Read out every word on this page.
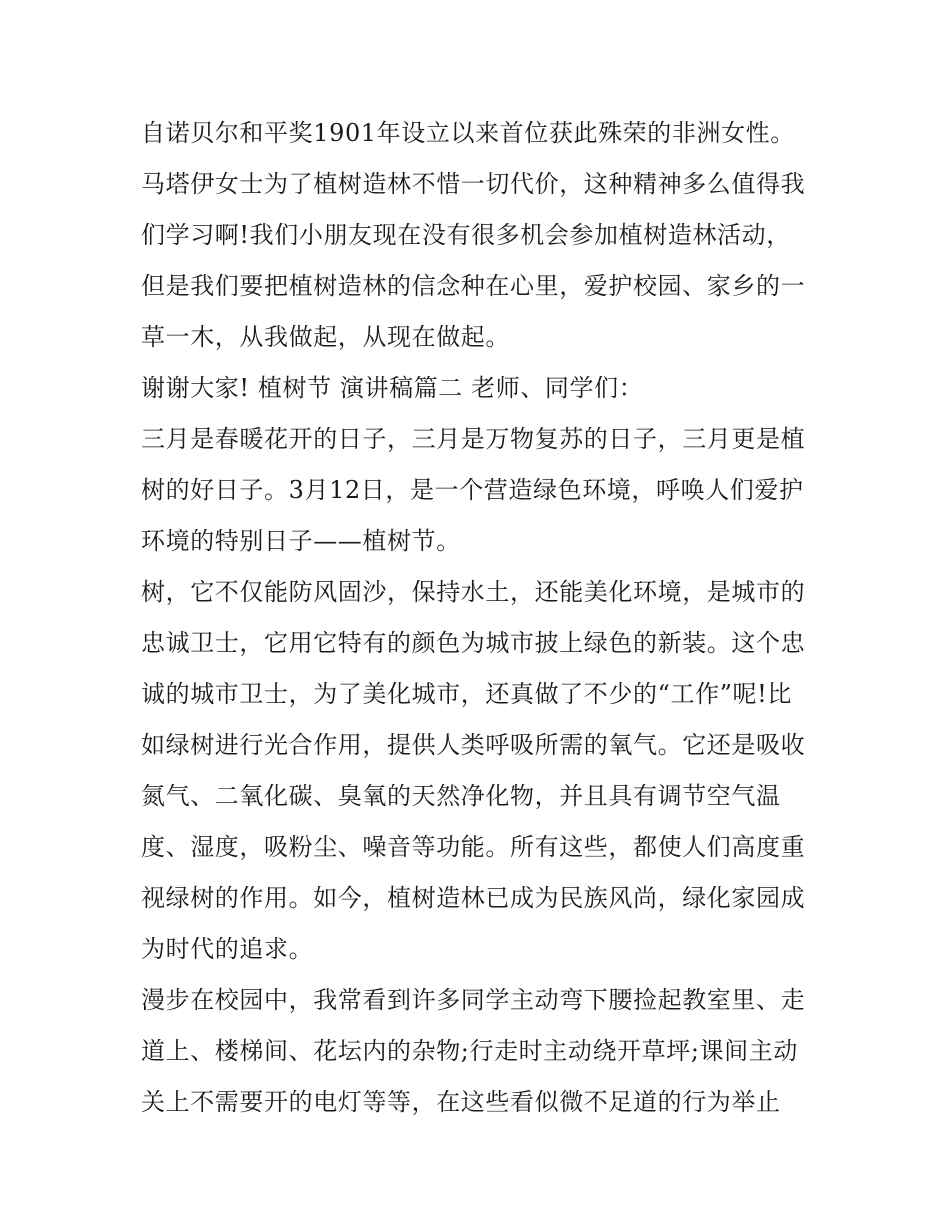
自诺贝尔和平奖1901年设立以来首位获此殊荣的非洲女性。
马塔伊女士为了植树造林不惜一切代价，这种精神多么值得我
们学习啊!我们小朋友现在没有很多机会参加植树造林活动，
但是我们要把植树造林的信念种在心里，爱护校园、家乡的一
草一木，从我做起，从现在做起。
谢谢大家! 植树节 演讲稿篇二 老师、同学们：
三月是春暖花开的日子，三月是万物复苏的日子，三月更是植
树的好日子。3月12日，是一个营造绿色环境，呼唤人们爱护
环境的特别日子——植树节。
树，它不仅能防风固沙，保持水土，还能美化环境，是城市的
忠诚卫士，它用它特有的颜色为城市披上绿色的新装。这个忠
诚的城市卫士，为了美化城市，还真做了不少的“工作”呢!比
如绿树进行光合作用，提供人类呼吸所需的氧气。它还是吸收
氮气、二氧化碳、臭氧的天然净化物，并且具有调节空气温
度、湿度，吸粉尘、噪音等功能。所有这些，都使人们高度重
视绿树的作用。如今，植树造林已成为民族风尚，绿化家园成
为时代的追求。
漫步在校园中，我常看到许多同学主动弯下腰捡起教室里、走
道上、楼梯间、花坛内的杂物;行走时主动绕开草坪;课间主动
关上不需要开的电灯等等，在这些看似微不足道的行为举止
